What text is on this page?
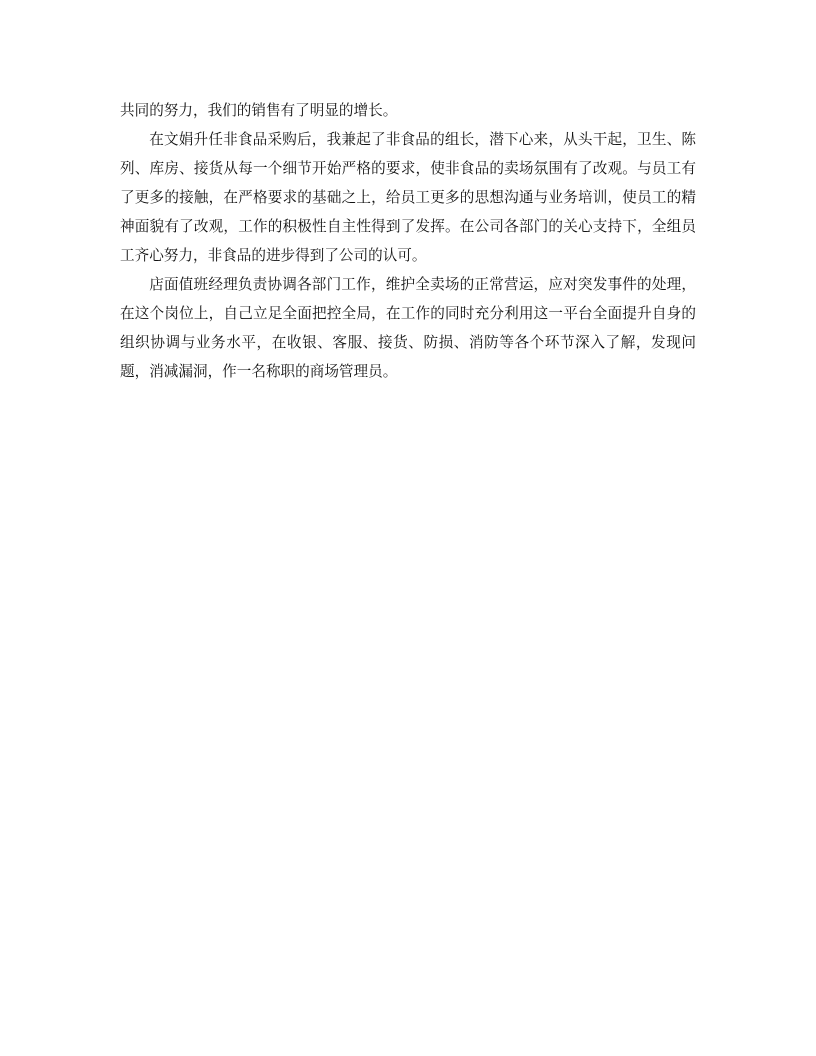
共同的努力，我们的销售有了明显的增长。

在文娟升任非食品采购后，我兼起了非食品的组长，潜下心来，从头干起，卫生、陈列、库房、接货从每一个细节开始严格的要求，使非食品的卖场氛围有了改观。与员工有了更多的接触，在严格要求的基础之上，给员工更多的思想沟通与业务培训，使员工的精神面貌有了改观，工作的积极性自主性得到了发挥。在公司各部门的关心支持下，全组员工齐心努力，非食品的进步得到了公司的认可。

店面值班经理负责协调各部门工作，维护全卖场的正常营运，应对突发事件的处理，在这个岗位上，自己立足全面把控全局，在工作的同时充分利用这一平台全面提升自身的组织协调与业务水平，在收银、客服、接货、防损、消防等各个环节深入了解，发现问题，消减漏洞，作一名称职的商场管理员。
